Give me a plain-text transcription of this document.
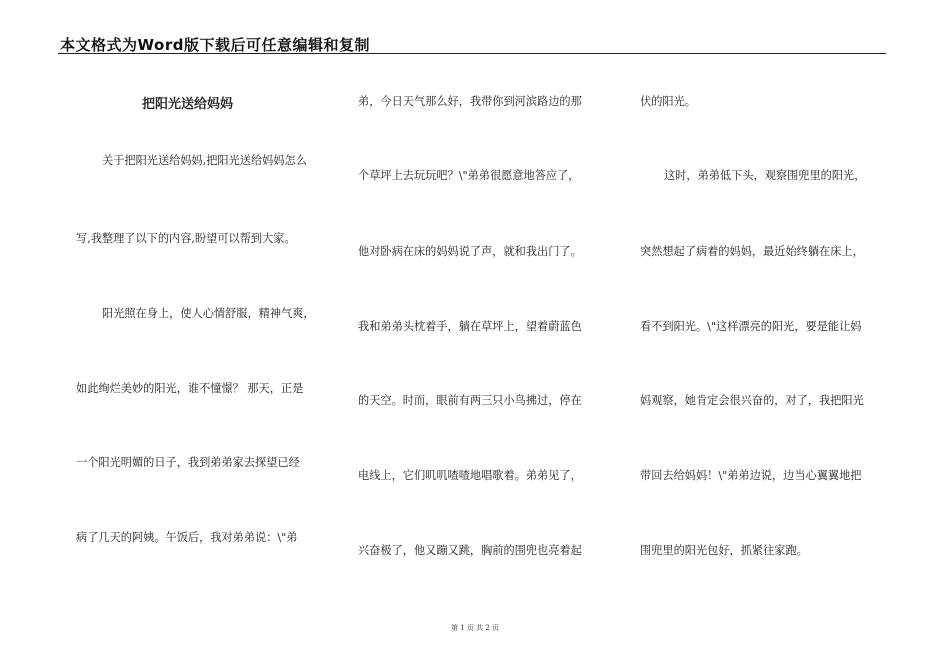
本文格式为Word版下载后可任意编辑和复制
把阳光送给妈妈
关于把阳光送给妈妈,把阳光送给妈妈怎么
写,我整理了以下的内容,盼望可以帮到大家。
阳光照在身上，使人心情舒服，精神气爽，
如此绚烂美妙的阳光，谁不憧憬？ 那天，正是
一个阳光明媚的日子，我到弟弟家去探望已经
病了几天的阿姨。午饭后，我对弟弟说：\"弟
弟，今日天气那么好，我带你到河滨路边的那
个草坪上去玩玩吧？\"弟弟很愿意地答应了，
他对卧病在床的妈妈说了声，就和我出门了。
我和弟弟头枕着手，躺在草坪上，望着蔚蓝色
的天空。时而，眼前有两三只小鸟拂过，停在
电线上，它们叽叽喳喳地唱歌着。弟弟见了，
兴奋极了，他又蹦又跳，胸前的围兜也亮着起
伏的阳光。
这时，弟弟低下头，观察围兜里的阳光，
突然想起了病着的妈妈，最近始终躺在床上，
看不到阳光。\"这样漂亮的阳光，要是能让妈
妈观察，她肯定会很兴奋的，对了，我把阳光
带回去给妈妈！\"弟弟边说，边当心翼翼地把
围兜里的阳光包好，抓紧往家跑。
第 1 页 共 2 页
